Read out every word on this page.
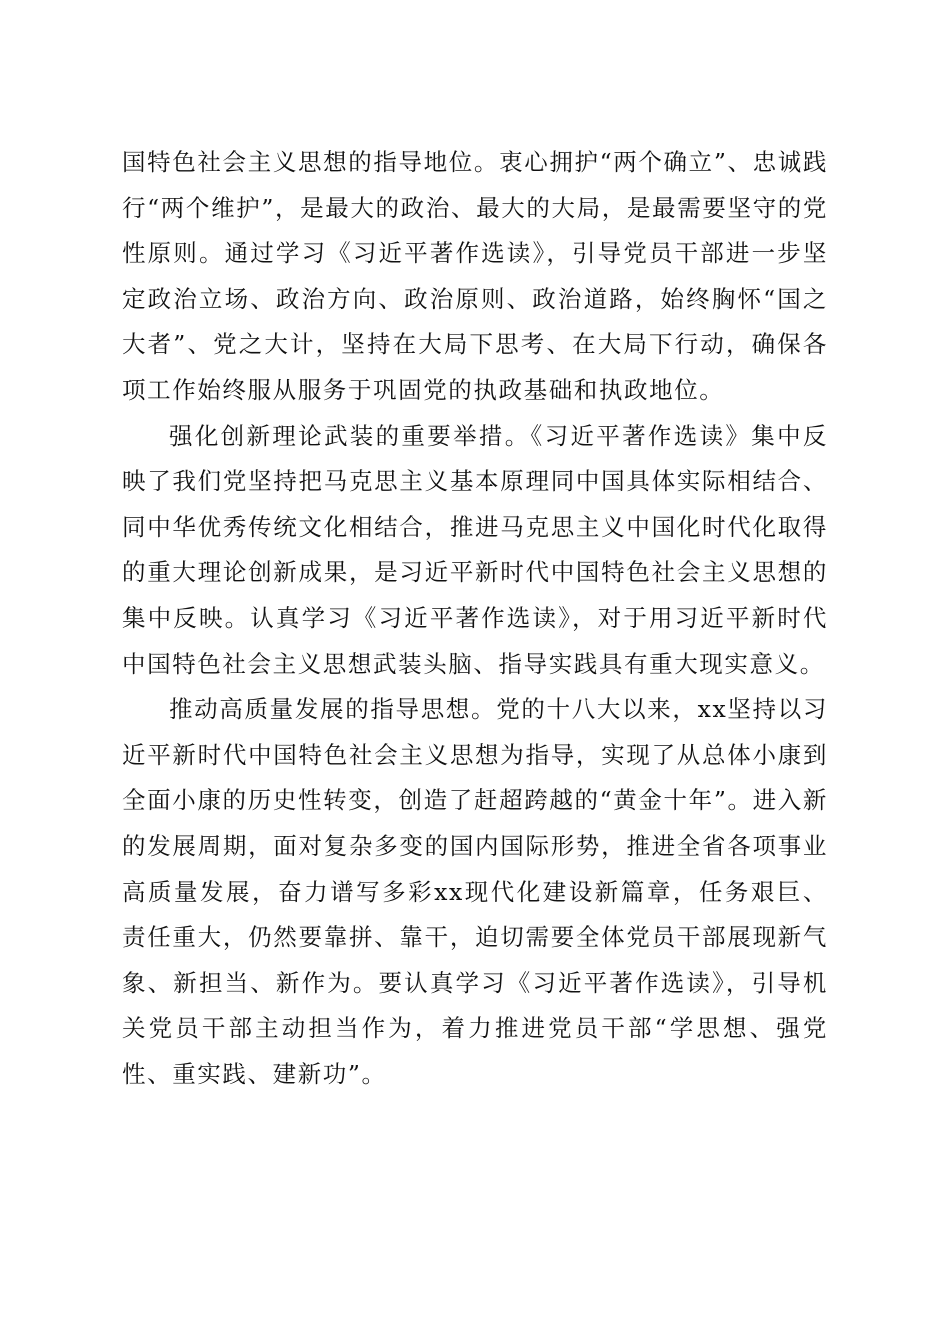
国特色社会主义思想的指导地位。衷心拥护“两个确立”、忠诚践行“两个维护”，是最大的政治、最大的大局，是最需要坚守的党性原则。通过学习《习近平著作选读》，引导党员干部进一步坚定政治立场、政治方向、政治原则、政治道路，始终胸怀“国之大者”、党之大计，坚持在大局下思考、在大局下行动，确保各项工作始终服从服务于巩固党的执政基础和执政地位。

强化创新理论武装的重要举措。《习近平著作选读》集中反映了我们党坚持把马克思主义基本原理同中国具体实际相结合、同中华优秀传统文化相结合，推进马克思主义中国化时代化取得的重大理论创新成果，是习近平新时代中国特色社会主义思想的集中反映。认真学习《习近平著作选读》，对于用习近平新时代中国特色社会主义思想武装头脑、指导实践具有重大现实意义。

推动高质量发展的指导思想。党的十八大以来，xx坚持以习近平新时代中国特色社会主义思想为指导，实现了从总体小康到全面小康的历史性转变，创造了赶超跨越的“黄金十年”。进入新的发展周期，面对复杂多变的国内国际形势，推进全省各项事业高质量发展，奋力谱写多彩xx现代化建设新篇章，任务艰巨、责任重大，仍然要靠拼、靠干，迫切需要全体党员干部展现新气象、新担当、新作为。要认真学习《习近平著作选读》，引导机关党员干部主动担当作为，着力推进党员干部“学思想、强党性、重实践、建新功”。
